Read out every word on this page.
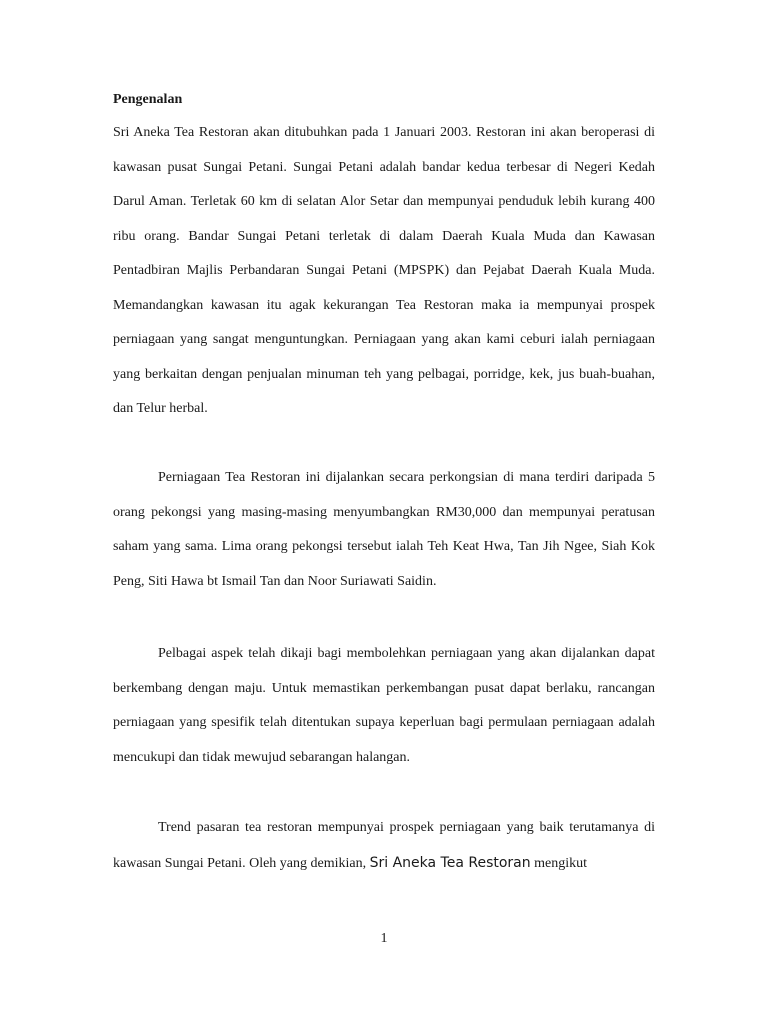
Pengenalan

Sri Aneka Tea Restoran akan ditubuhkan pada 1 Januari 2003. Restoran ini akan beroperasi di kawasan pusat Sungai Petani. Sungai Petani adalah bandar kedua terbesar di Negeri Kedah Darul Aman. Terletak 60 km di selatan Alor Setar dan mempunyai penduduk lebih kurang 400 ribu orang. Bandar Sungai Petani terletak di dalam Daerah Kuala Muda dan Kawasan Pentadbiran Majlis Perbandaran Sungai Petani (MPSPK) dan Pejabat Daerah Kuala Muda. Memandangkan kawasan itu agak kekurangan Tea Restoran maka ia mempunyai prospek perniagaan yang sangat menguntungkan. Perniagaan yang akan kami ceburi ialah perniagaan yang berkaitan dengan penjualan minuman teh yang pelbagai, porridge, kek, jus buah-buahan, dan Telur herbal.

Perniagaan Tea Restoran ini dijalankan secara perkongsian di mana terdiri daripada 5 orang pekongsi yang masing-masing menyumbangkan RM30,000 dan mempunyai peratusan saham yang sama. Lima orang pekongsi tersebut ialah Teh Keat Hwa, Tan Jih Ngee, Siah Kok Peng, Siti Hawa bt Ismail Tan dan Noor Suriawati Saidin.

Pelbagai aspek telah dikaji bagi membolehkan perniagaan yang akan dijalankan dapat berkembang dengan maju. Untuk memastikan perkembangan pusat dapat berlaku, rancangan perniagaan yang spesifik telah ditentukan supaya keperluan bagi permulaan perniagaan adalah mencukupi dan tidak mewujud sebarangan halangan.

Trend pasaran tea restoran mempunyai prospek perniagaan yang baik terutamanya di kawasan Sungai Petani. Oleh yang demikian, Sri Aneka Tea Restoran mengikut

1
